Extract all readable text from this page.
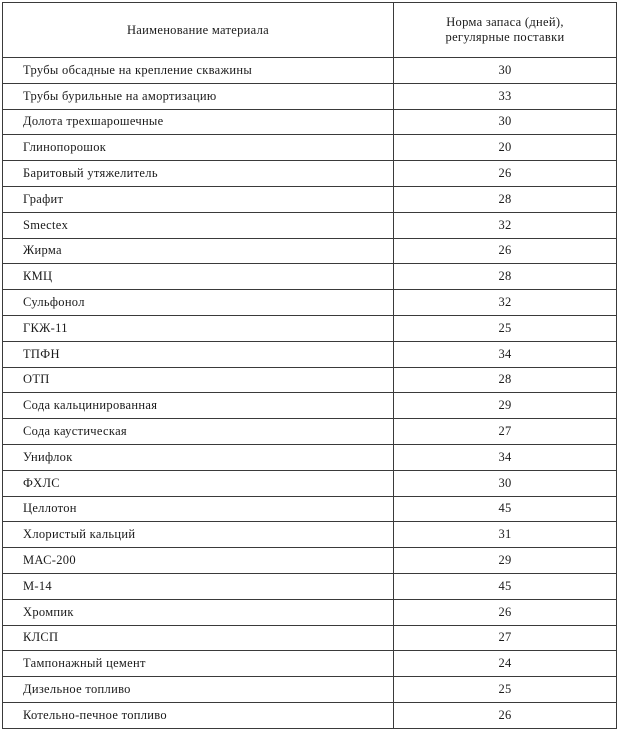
Наименование материала	Норма запаса (дней),
регулярные поставки
Трубы обсадные на крепление скважины	30
Трубы бурильные на амортизацию	33
Долота трехшарошечные	30
Глинопорошок	20
Баритовый утяжелитель	26
Графит	28
Smectex	32
Жирма	26
КМЦ	28
Сульфонол	32
ГКЖ-11	25
ТПФН	34
ОТП	28
Сода кальцинированная	29
Сода каустическая	27
Унифлок	34
ФХЛС	30
Целлотон	45
Хлористый кальций	31
МАС-200	29
М-14	45
Хромпик	26
КЛСП	27
Тампонажный цемент	24
Дизельное топливо	25
Котельно-печное топливо	26
